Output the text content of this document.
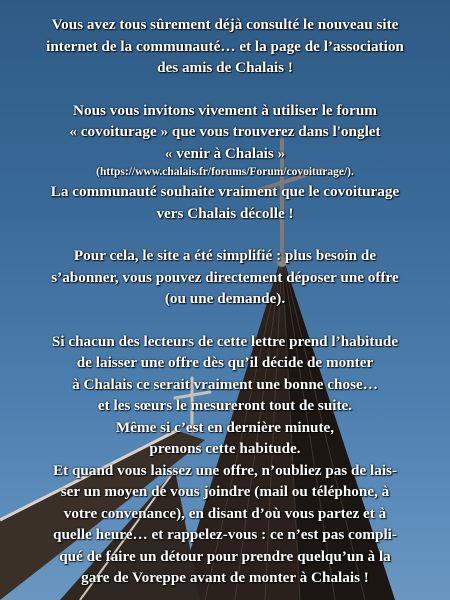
Vous avez tous sûrement déjà consulté le nouveau site
internet de la communauté… et la page de l’association
des amis de Chalais !

Nous vous invitons vivement à utiliser le forum
« covoiturage » que vous trouverez dans l'onglet
« venir à Chalais »
(https://www.chalais.fr/forums/Forum/covoiturage/).
La communauté souhaite vraiment que le covoiturage
vers Chalais décolle !

Pour cela, le site a été simplifié : plus besoin de
s’abonner, vous pouvez directement déposer une offre
(ou une demande).

Si chacun des lecteurs de cette lettre prend l’habitude
de laisser une offre dès qu’il décide de monter
à Chalais ce serait vraiment une bonne chose…
et les sœurs le mesureront tout de suite.
Même si c’est en dernière minute,
prenons cette habitude.
Et quand vous laissez une offre, n’oubliez pas de lais-
ser un moyen de vous joindre (mail ou téléphone, à
votre convenance), en disant d’où vous partez et à
quelle heure… et rappelez-vous : ce n’est pas compli-
qué de faire un détour pour prendre quelqu’un à la
gare de Voreppe avant de monter à Chalais !
